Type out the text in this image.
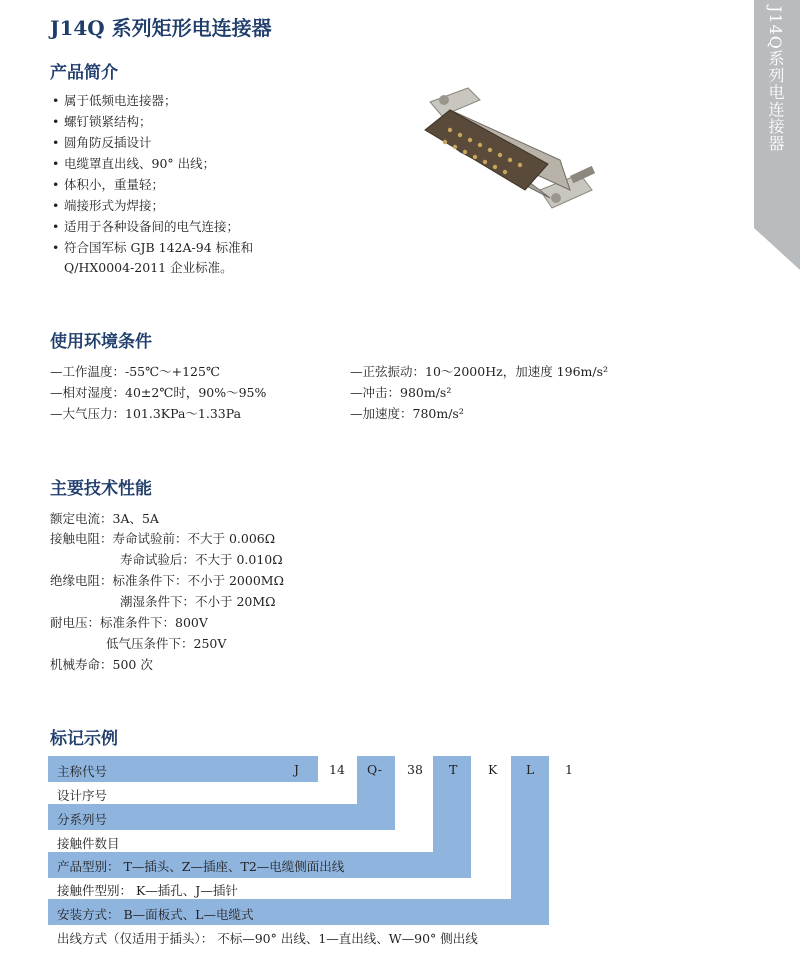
J14Q 系列矩形电连接器	J14Q系列电连接器
产品简介
• 属于低频电连接器；
• 螺钉锁紧结构；
• 圆角防反插设计
• 电缆罩直出线、90° 出线；
• 体积小，重量轻；
• 端接形式为焊接；
• 适用于各种设备间的电气连接；
• 符合国军标 GJB 142A-94 标准和
Q/HX0004-2011 企业标准。
使用环境条件
—工作温度：-55℃～+125℃
—相对湿度：40±2℃时，90%～95%
—大气压力：101.3KPa～1.33Pa
—正弦振动：10～2000Hz，加速度 196m/s²
—冲击：980m/s²
—加速度：780m/s²
主要技术性能
额定电流：3A、5A
接触电阻：寿命试验前：不大于 0.006Ω
寿命试验后：不大于 0.010Ω
绝缘电阻：标准条件下：不小于 2000MΩ
潮湿条件下：不小于 20MΩ
耐电压：标准条件下：800V
低气压条件下：250V
机械寿命：500 次
标记示例
主称代号
设计序号
分系列号
接触件数目
产品型别： T—插头、Z—插座、T2—电缆侧面出线
接触件型别： K—插孔、J—插针
安装方式： B—面板式、L—电缆式
出线方式（仅适用于插头）： 不标—90° 出线、1—直出线、W—90° 侧出线
J 14 Q- 38 T K L 1
